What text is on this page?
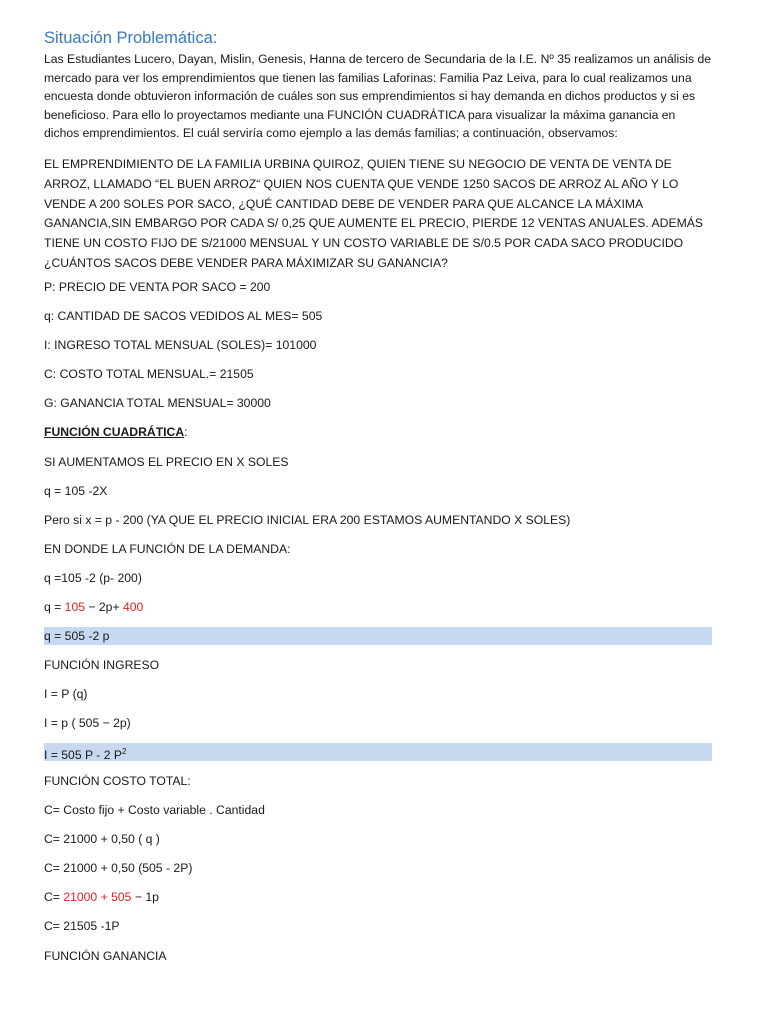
Situación Problemática:
Las Estudiantes Lucero, Dayan, Mislin, Genesis, Hanna de tercero de Secundaria de la I.E. Nº 35 realizamos un análisis de mercado para ver los emprendimientos que tienen las familias Laforinas: Familia Paz Leiva, para lo cual realizamos una encuesta donde obtuvieron información de cuáles son sus emprendimientos si hay demanda en dichos productos y si es beneficioso. Para ello lo proyectamos mediante una FUNCIÓN CUADRÁTICA para visualizar la máxima ganancia en dichos emprendimientos. El cuál serviría como ejemplo a las demás familias; a continuación, observamos:
EL EMPRENDIMIENTO DE LA FAMILIA URBINA QUIROZ, QUIEN TIENE SU NEGOCIO DE VENTA DE VENTA DE ARROZ, LLAMADO “EL BUEN ARROZ“ QUIEN NOS CUENTA QUE VENDE 1250 SACOS DE ARROZ AL AÑO Y LO VENDE A 200 SOLES POR SACO, ¿QUÉ CANTIDAD DEBE DE VENDER PARA QUE ALCANCE LA MÁXIMA GANANCIA,SIN EMBARGO POR CADA S/ 0,25 QUE AUMENTE EL PRECIO, PIERDE 12 VENTAS ANUALES. ADEMÁS TIENE UN COSTO FIJO DE S/21000 MENSUAL Y UN COSTO VARIABLE DE S/0.5 POR CADA SACO PRODUCIDO ¿CUÁNTOS SACOS DEBE VENDER PARA MÁXIMIZAR SU GANANCIA?
P: PRECIO DE VENTA POR SACO = 200
q: CANTIDAD DE SACOS VEDIDOS AL MES= 505
I: INGRESO TOTAL MENSUAL (SOLES)= 101000
C: COSTO TOTAL MENSUAL.= 21505
G: GANANCIA TOTAL MENSUAL= 30000
FUNCIÓN CUADRÁTICA:
SI AUMENTAMOS EL PRECIO EN X SOLES
q = 105 -2X
Pero si x = p - 200 (YA QUE EL PRECIO INICIAL ERA 200 ESTAMOS AUMENTANDO X SOLES)
EN DONDE LA FUNCIÓN DE LA DEMANDA:
q =105 -2 (p- 200)
q = 105 − 2p+ 400
q = 505 -2 p
FUNCIÓN INGRESO
I = P (q)
I = p ( 505 − 2p)
I = 505 P - 2 $P^2$
FUNCIÓN COSTO TOTAL:
C= Costo fijo + Costo variable . Cantidad
C= 21000 + 0,50 ( q )
C= 21000 + 0,50 (505 - 2P)
C= 21000 + 505 − 1p
C= 21505 -1P
FUNCIÓN GANANCIA
